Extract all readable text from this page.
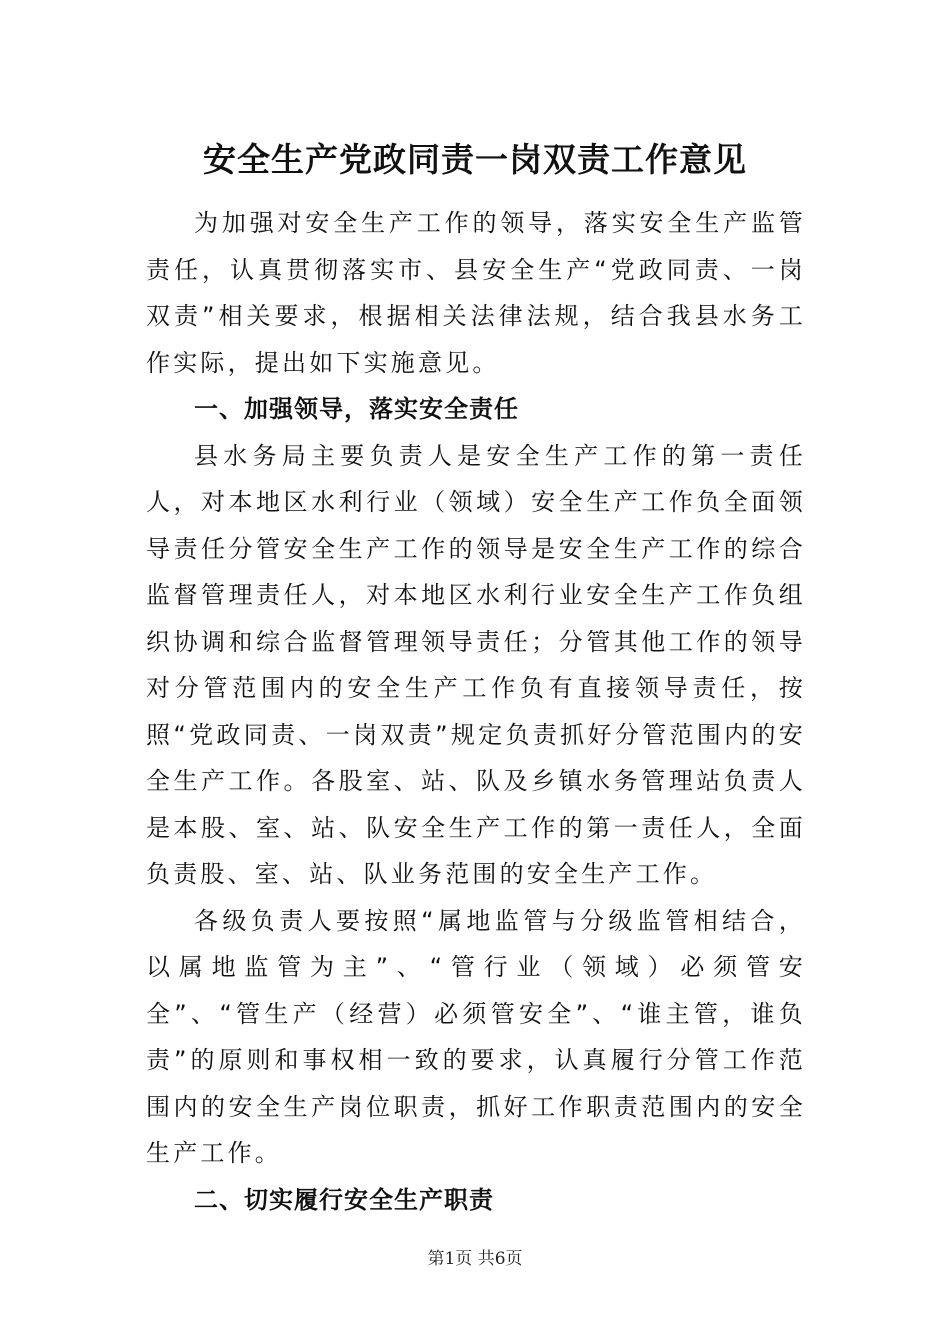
安全生产党政同责一岗双责工作意见

为加强对安全生产工作的领导，落实安全生产监管责任，认真贯彻落实市、县安全生产“党政同责、一岗双责”相关要求，根据相关法律法规，结合我县水务工作实际，提出如下实施意见。

一、加强领导，落实安全责任

县水务局主要负责人是安全生产工作的第一责任人，对本地区水利行业（领域）安全生产工作负全面领导责任分管安全生产工作的领导是安全生产工作的综合监督管理责任人，对本地区水利行业安全生产工作负组织协调和综合监督管理领导责任；分管其他工作的领导对分管范围内的安全生产工作负有直接领导责任，按照“党政同责、一岗双责”规定负责抓好分管范围内的安全生产工作。各股室、站、队及乡镇水务管理站负责人是本股、室、站、队安全生产工作的第一责任人，全面负责股、室、站、队业务范围的安全生产工作。

各级负责人要按照“属地监管与分级监管相结合，以属地监管为主”、“管行业（领域）必须管安全”、“管生产（经营）必须管安全”、“谁主管，谁负责”的原则和事权相一致的要求，认真履行分管工作范围内的安全生产岗位职责，抓好工作职责范围内的安全生产工作。

二、切实履行安全生产职责
第1页 共6页
